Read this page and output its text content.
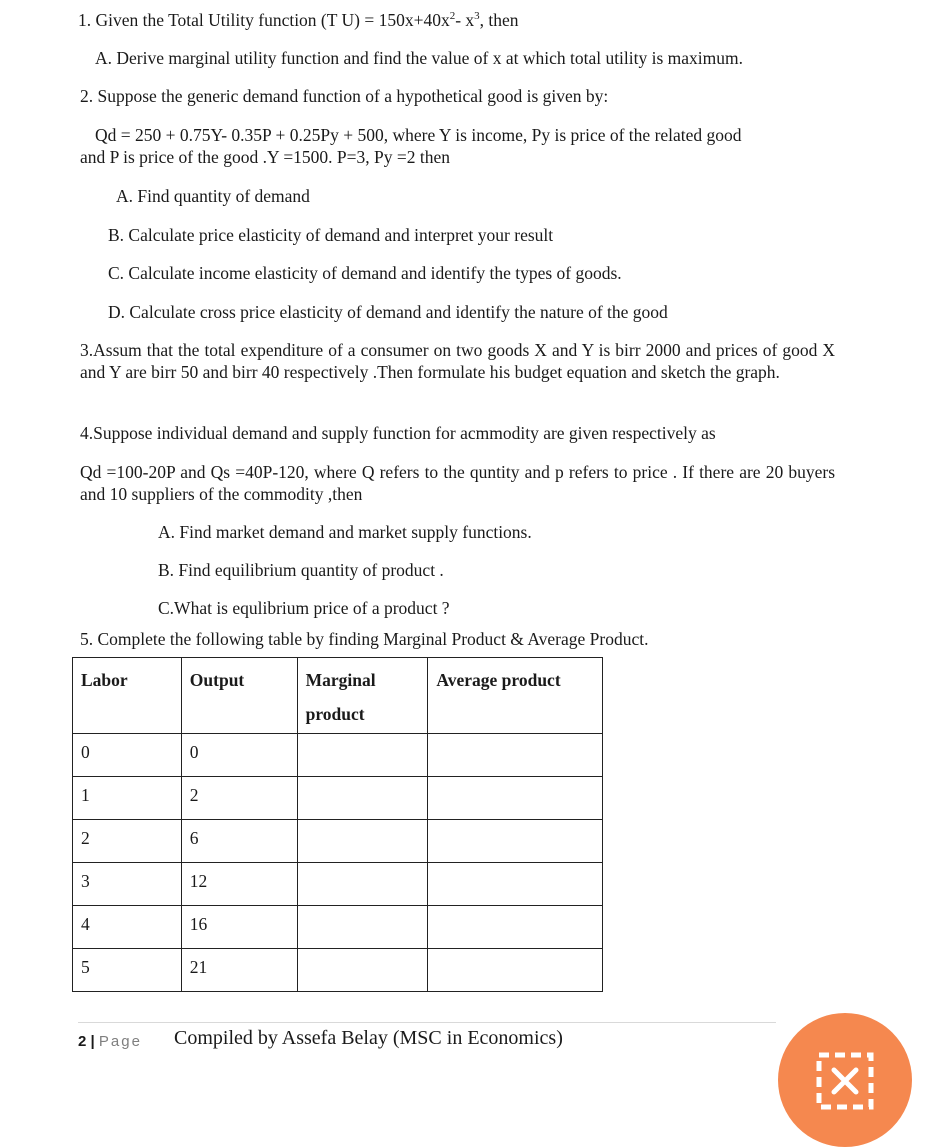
1. Given the Total Utility function (T $U) = 150x+40x^2-$ $x^3$, then
A. Derive marginal utility function and find the value of x at which total utility is maximum.
2. Suppose the generic demand function of a hypothetical good is given by:
Qd = 250 + 0.75Y- 0.35P + 0.25Py + 500, where Y is income, Py is price of the related good
and P is price of the good .Y =1500. P=3, Py =2 then
A. Find quantity of demand
B. Calculate price elasticity of demand and interpret your result
C. Calculate income elasticity of demand and identify the types of goods.
D. Calculate cross price elasticity of demand and identify the nature of the good
3.Assum that the total expenditure of a consumer on two goods X and Y is birr 2000 and prices of good X and Y are birr 50 and birr 40 respectively .Then formulate his budget equation and sketch the graph.
4.Suppose individual demand and supply function for acmmodity are given respectively as
Qd =100-20P and Qs =40P-120, where Q refers to the quntity and p refers to price . If there are 20 buyers and 10 suppliers of the commodity ,then
A. Find market demand and market supply functions.
B. Find equilibrium quantity of product .
C.What is equlibrium price of a product ?
5. Complete the following table by finding Marginal Product & Average Product.
Labor	Output	Marginal product	Average product
0	0		
1	2		
2	6		
3	12		
4	16		
5	21		
2 | Page Compiled by Assefa Belay (MSC in Economics)
